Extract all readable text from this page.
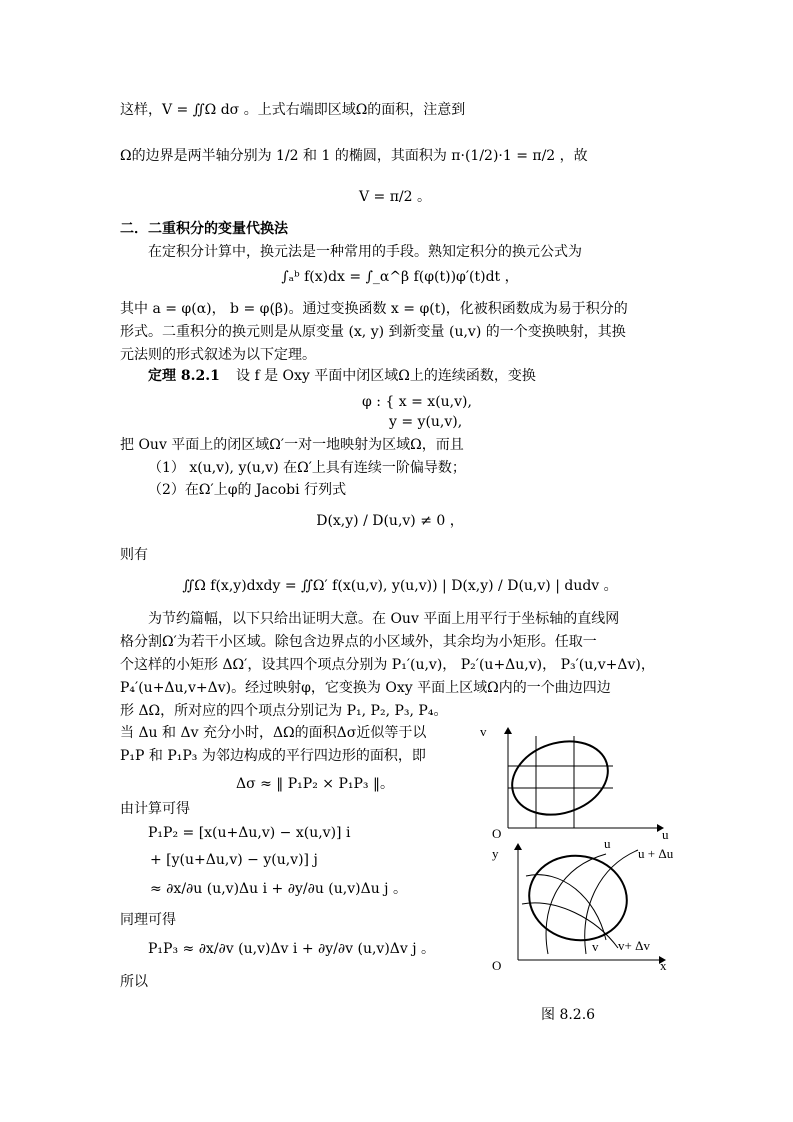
这样，V = ∬Ω dσ 。上式右端即区域Ω的面积，注意到
Ω的边界是两半轴分别为 1/2 和 1 的椭圆，其面积为 π·(1/2)·1 = π/2 ，故
V = π/2 。
二．二重积分的变量代换法
在定积分计算中，换元法是一种常用的手段。熟知定积分的换元公式为
∫ₐᵇ f(x)dx = ∫_α^β f(φ(t))φ′(t)dt ，
其中 a = φ(α)， b = φ(β)。通过变换函数 x = φ(t)，化被积函数成为易于积分的
形式。二重积分的换元则是从原变量 (x, y) 到新变量 (u,v) 的一个变换映射，其换
元法则的形式叙述为以下定理。
定理 8.2.1 设 f 是 Oxy 平面中闭区域Ω上的连续函数，变换
φ : { x = x(u,v),
y = y(u,v),
把 Ouv 平面上的闭区域Ω′一对一地映射为区域Ω，而且
（1） x(u,v), y(u,v) 在Ω′上具有连续一阶偏导数；
（2）在Ω′上φ的 Jacobi 行列式
D(x,y) / D(u,v) ≠ 0 ，
则有
∬Ω f(x,y)dxdy = ∬Ω′ f(x(u,v), y(u,v)) | D(x,y) / D(u,v) | dudv 。
为节约篇幅，以下只给出证明大意。在 Ouv 平面上用平行于坐标轴的直线网
格分割Ω′为若干小区域。除包含边界点的小区域外，其余均为小矩形。任取一
个这样的小矩形 ΔΩ′，设其四个项点分别为 P₁′(u,v)， P₂′(u+Δu,v)， P₃′(u,v+Δv)，
P₄′(u+Δu,v+Δv)。经过映射φ，它变换为 Oxy 平面上区域Ω内的一个曲边四边
形 ΔΩ，所对应的四个项点分别记为 P₁, P₂, P₃, P₄。
当 Δu 和 Δv 充分小时，ΔΩ的面积Δσ近似等于以
P₁P 和 P₁P₃ 为邻边构成的平行四边形的面积，即
Δσ ≈ ‖ P₁P₂ × P₁P₃ ‖。
由计算可得
P₁P₂ = [x(u+Δu,v) − x(u,v)] i
+ [y(u+Δu,v) − y(u,v)] j
≈ ∂x/∂u (u,v)Δu i + ∂y/∂u (u,v)Δu j 。
同理可得
P₁P₃ ≈ ∂x/∂v (u,v)Δv i + ∂y/∂v (u,v)Δv j 。
所以
v
u
O
y
x
O
u
u + Δu
v v+ Δv
图 8.2.6
